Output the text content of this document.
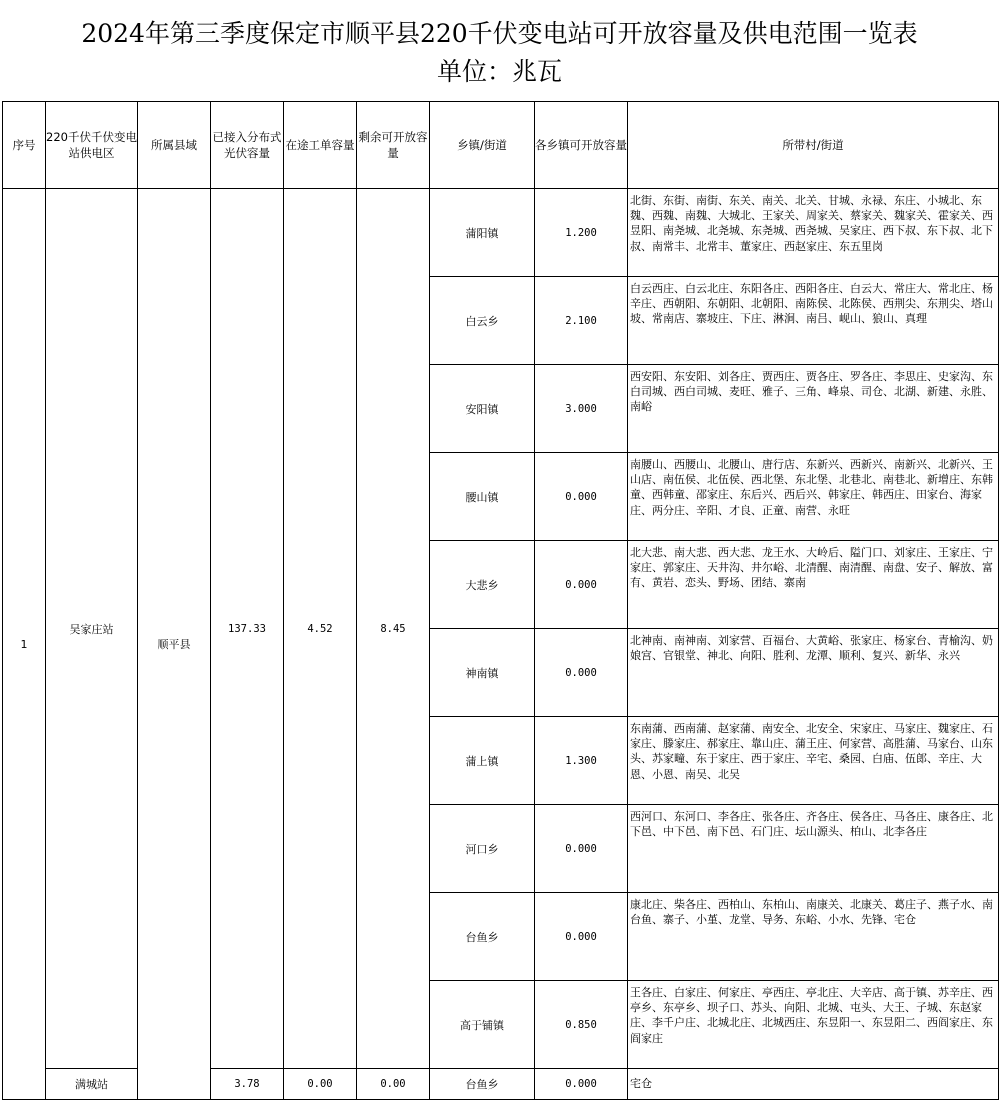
2024年第三季度保定市顺平县220千伏变电站可开放容量及供电范围一览表
单位：兆瓦
序号	220千伏千伏变电站供电区	所属县域	已接入分布式光伏容量	在途工单容量	剩余可开放容量	乡镇/街道	各乡镇可开放容量	所带村/街道
1	吴家庄站	顺平县	137.33	4.52	8.45	蒲阳镇	1.200	北街、东街、南街、东关、南关、北关、甘城、永禄、东庄、小城北、东魏、西魏、南魏、大城北、王家关、周家关、蔡家关、魏家关、霍家关、西昱阳、南尧城、北尧城、东尧城、西尧城、吴家庄、西下叔、东下叔、北下叔、南常丰、北常丰、董家庄、西赵家庄、东五里岗
						白云乡	2.100	白云西庄、白云北庄、东阳各庄、西阳各庄、白云大、常庄大、常北庄、杨辛庄、西朝阳、东朝阳、北朝阳、南陈侯、北陈侯、西荆尖、东荆尖、塔山坡、常南店、寨坡庄、下庄、淋涧、南吕、岘山、狼山、真理
						安阳镇	3.000	西安阳、东安阳、刘各庄、贾西庄、贾各庄、罗各庄、李思庄、史家沟、东白司城、西白司城、麦旺、雅子、三角、峰泉、司仓、北湖、新建、永胜、南峪
						腰山镇	0.000	南腰山、西腰山、北腰山、唐行店、东新兴、西新兴、南新兴、北新兴、王山店、南伍侯、北伍侯、西北堡、东北堡、北巷北、南巷北、新增庄、东韩童、西韩童、邵家庄、东后兴、西后兴、韩家庄、韩西庄、田家台、海家庄、两分庄、辛阳、才良、正童、南营、永旺
						大悲乡	0.000	北大悲、南大悲、西大悲、龙王水、大岭后、隘门口、刘家庄、王家庄、宁家庄、郭家庄、天井沟、井尔峪、北清醒、南清醒、南盘、安子、解放、富有、黄岩、恋头、野场、团结、寨南
						神南镇	0.000	北神南、南神南、刘家营、百福台、大黄峪、张家庄、杨家台、青榆沟、奶娘宫、官银堂、神北、向阳、胜利、龙潭、顺利、复兴、新华、永兴
						蒲上镇	1.300	东南蒲、西南蒲、赵家蒲、南安全、北安全、宋家庄、马家庄、魏家庄、石家庄、滕家庄、郝家庄、靠山庄、蒲王庄、何家营、高胜蒲、马家台、山东头、苏家疃、东于家庄、西于家庄、辛宅、桑园、白庙、伍郎、辛庄、大恩、小恩、南吴、北吴
						河口乡	0.000	西河口、东河口、李各庄、张各庄、齐各庄、侯各庄、马各庄、康各庄、北下邑、中下邑、南下邑、石门庄、坛山源头、柏山、北李各庄
						台鱼乡	0.000	康北庄、柴各庄、西柏山、东柏山、南康关、北康关、葛庄子、燕子水、南台鱼、寨子、小堇、龙堂、导务、东峪、小水、先锋、宅仓
						高于铺镇	0.850	王各庄、白家庄、何家庄、亭西庄、亭北庄、大辛店、高于镇、苏辛庄、西亭乡、东亭乡、坝子口、苏头、向阳、北城、屯头、大王、子城、东赵家庄、李千户庄、北城北庄、北城西庄、东昱阳一、东昱阳二、西阎家庄、东阎家庄
	满城站		3.78	0.00	0.00	台鱼乡	0.000	宅仓
